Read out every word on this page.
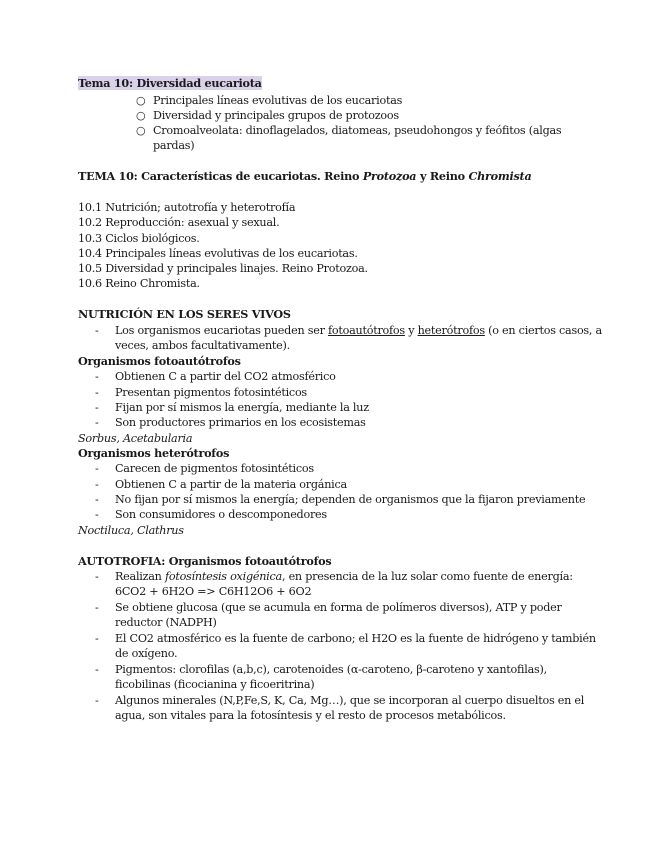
Tema 10: Diversidad eucariota
○ Principales líneas evolutivas de los eucariotas
○ Diversidad y principales grupos de protozoos
○ Cromoalveolata: dinoflagelados, diatomeas, pseudohongos y feófitos (algas
pardas)
TEMA 10: Características de eucariotas. Reino Protozoa y Reino Chromista
10.1 Nutrición; autotrofía y heterotrofía
10.2 Reproducción: asexual y sexual.
10.3 Ciclos biológicos.
10.4 Principales líneas evolutivas de los eucariotas.
10.5 Diversidad y principales linajes. Reino Protozoa.
10.6 Reino Chromista.
NUTRICIÓN EN LOS SERES VIVOS
- Los organismos eucariotas pueden ser fotoautótrofos y heterótrofos (o en ciertos casos, a
veces, ambos facultativamente).
Organismos fotoautótrofos
- Obtienen C a partir del CO2 atmosférico
- Presentan pigmentos fotosintéticos
- Fijan por sí mismos la energía, mediante la luz
- Son productores primarios en los ecosistemas
Sorbus, Acetabularia
Organismos heterótrofos
- Carecen de pigmentos fotosintéticos
- Obtienen C a partir de la materia orgánica
- No fijan por sí mismos la energía; dependen de organismos que la fijaron previamente
- Son consumidores o descomponedores
Noctiluca, Clathrus
AUTOTROFIA: Organismos fotoautótrofos
- Realizan fotosíntesis oxigénica, en presencia de la luz solar como fuente de energía:
6CO2 + 6H2O => C6H12O6 + 6O2
- Se obtiene glucosa (que se acumula en forma de polímeros diversos), ATP y poder
reductor (NADPH)
- El CO2 atmosférico es la fuente de carbono; el H2O es la fuente de hidrógeno y también
de oxígeno.
- Pigmentos: clorofilas (a,b,c), carotenoides (α-caroteno, β-caroteno y xantofilas),
ficobilinas (ficocianina y ficoeritrina)
- Algunos minerales (N,P,Fe,S, K, Ca, Mg…), que se incorporan al cuerpo disueltos en el
agua, son vitales para la fotosíntesis y el resto de procesos metabólicos.
